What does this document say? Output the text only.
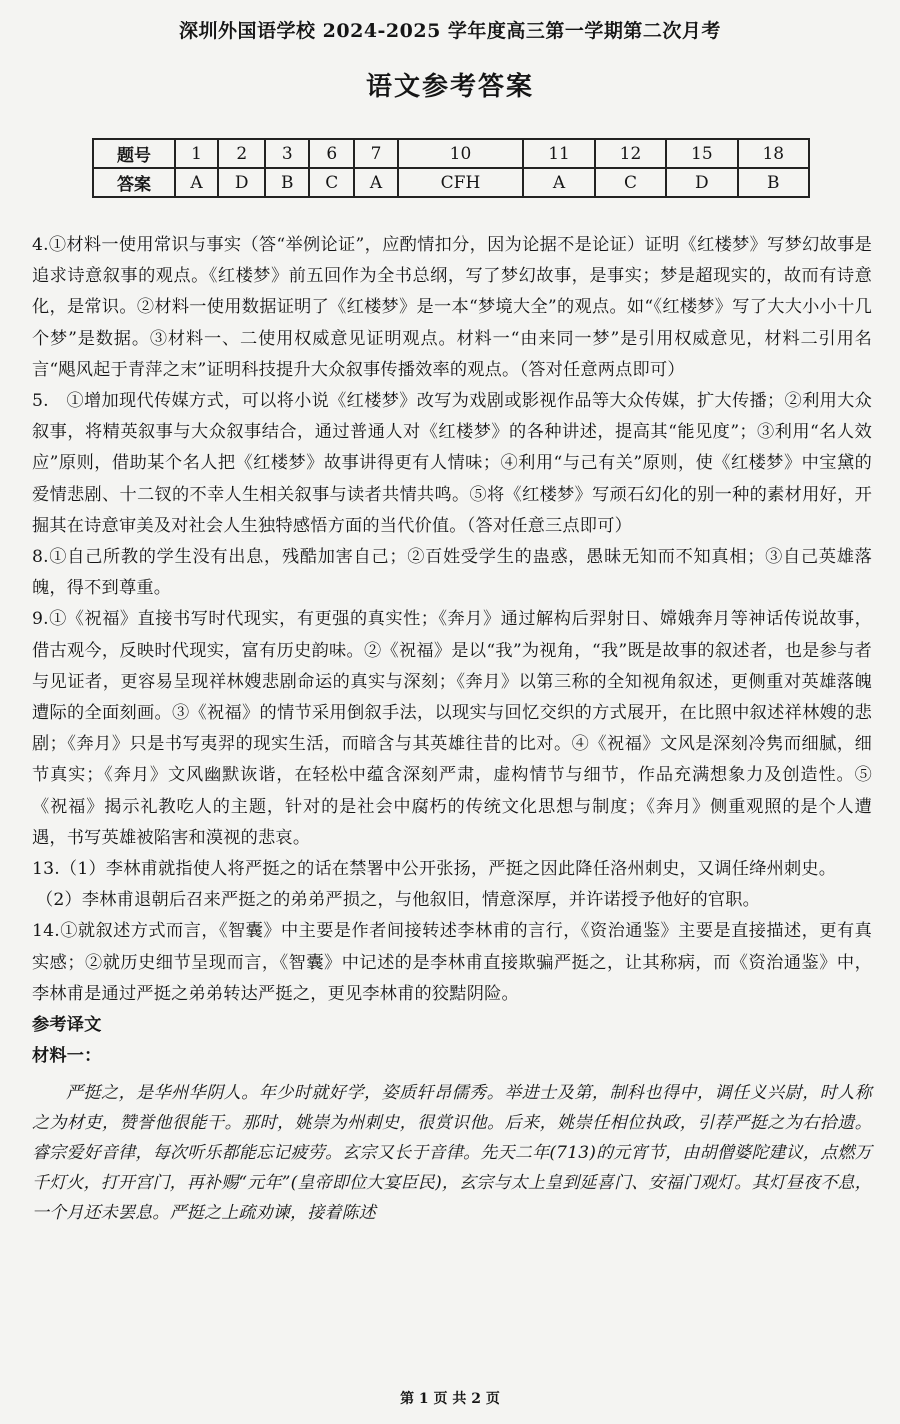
深圳外国语学校 2024-2025 学年度高三第一学期第二次月考
语文参考答案
题号	1	2	3	6	7	10	11	12	15	18
答案	A	D	B	C	A	CFH	A	C	D	B

4.①材料一使用常识与事实（答“举例论证”，应酌情扣分，因为论据不是论证）证明《红楼梦》写梦幻故事是追求诗意叙事的观点。《红楼梦》前五回作为全书总纲，写了梦幻故事，是事实；梦是超现实的，故而有诗意化，是常识。②材料一使用数据证明了《红楼梦》是一本“梦境大全”的观点。如“《红楼梦》写了大大小小十几个梦”是数据。③材料一、二使用权威意见证明观点。材料一“由来同一梦”是引用权威意见，材料二引用名言“飓风起于青萍之末”证明科技提升大众叙事传播效率的观点。（答对任意两点即可）

5.　①增加现代传媒方式，可以将小说《红楼梦》改写为戏剧或影视作品等大众传媒，扩大传播；②利用大众叙事，将精英叙事与大众叙事结合，通过普通人对《红楼梦》的各种讲述，提高其“能见度”；③利用“名人效应”原则，借助某个名人把《红楼梦》故事讲得更有人情味；④利用“与己有关”原则，使《红楼梦》中宝黛的爱情悲剧、十二钗的不幸人生相关叙事与读者共情共鸣。⑤将《红楼梦》写顽石幻化的别一种的素材用好，开掘其在诗意审美及对社会人生独特感悟方面的当代价值。（答对任意三点即可）

8.①自己所教的学生没有出息，残酷加害自己；②百姓受学生的蛊惑，愚昧无知而不知真相；③自己英雄落魄，得不到尊重。

9.①《祝福》直接书写时代现实，有更强的真实性；《奔月》通过解构后羿射日、嫦娥奔月等神话传说故事，借古观今，反映时代现实，富有历史韵味。②《祝福》是以“我”为视角，“我”既是故事的叙述者，也是参与者与见证者，更容易呈现祥林嫂悲剧命运的真实与深刻；《奔月》以第三称的全知视角叙述，更侧重对英雄落魄遭际的全面刻画。③《祝福》的情节采用倒叙手法，以现实与回忆交织的方式展开，在比照中叙述祥林嫂的悲剧；《奔月》只是书写夷羿的现实生活，而暗含与其英雄往昔的比对。④《祝福》文风是深刻冷隽而细腻，细节真实；《奔月》文风幽默诙谐，在轻松中蕴含深刻严肃，虚构情节与细节，作品充满想象力及创造性。⑤《祝福》揭示礼教吃人的主题，针对的是社会中腐朽的传统文化思想与制度；《奔月》侧重观照的是个人遭遇，书写英雄被陷害和漠视的悲哀。

13.（1）李林甫就指使人将严挺之的话在禁署中公开张扬，严挺之因此降任洛州刺史，又调任绛州刺史。

（2）李林甫退朝后召来严挺之的弟弟严损之，与他叙旧，情意深厚，并许诺授予他好的官职。

14.①就叙述方式而言，《智囊》中主要是作者间接转述李林甫的言行，《资治通鉴》主要是直接描述，更有真实感；②就历史细节呈现而言，《智囊》中记述的是李林甫直接欺骗严挺之，让其称病，而《资治通鉴》中，李林甫是通过严挺之弟弟转达严挺之，更见李林甫的狡黠阴险。

参考译文

材料一：

严挺之，是华州华阴人。年少时就好学，姿质轩昂儒秀。举进士及第，制科也得中，调任义兴尉，时人称之为材吏，赞誉他很能干。那时，姚崇为州刺史，很赏识他。后来，姚崇任相位执政，引荐严挺之为右拾遗。睿宗爱好音律，每次听乐都能忘记疲劳。玄宗又长于音律。先天二年(713)的元宵节，由胡僧婆陀建议，点燃万千灯火，打开宫门，再补赐“元年”(皇帝即位大宴臣民)，玄宗与太上皇到延喜门、安福门观灯。其灯昼夜不息，一个月还未罢息。严挺之上疏劝谏，接着陈述

第 1 页 共 2 页
